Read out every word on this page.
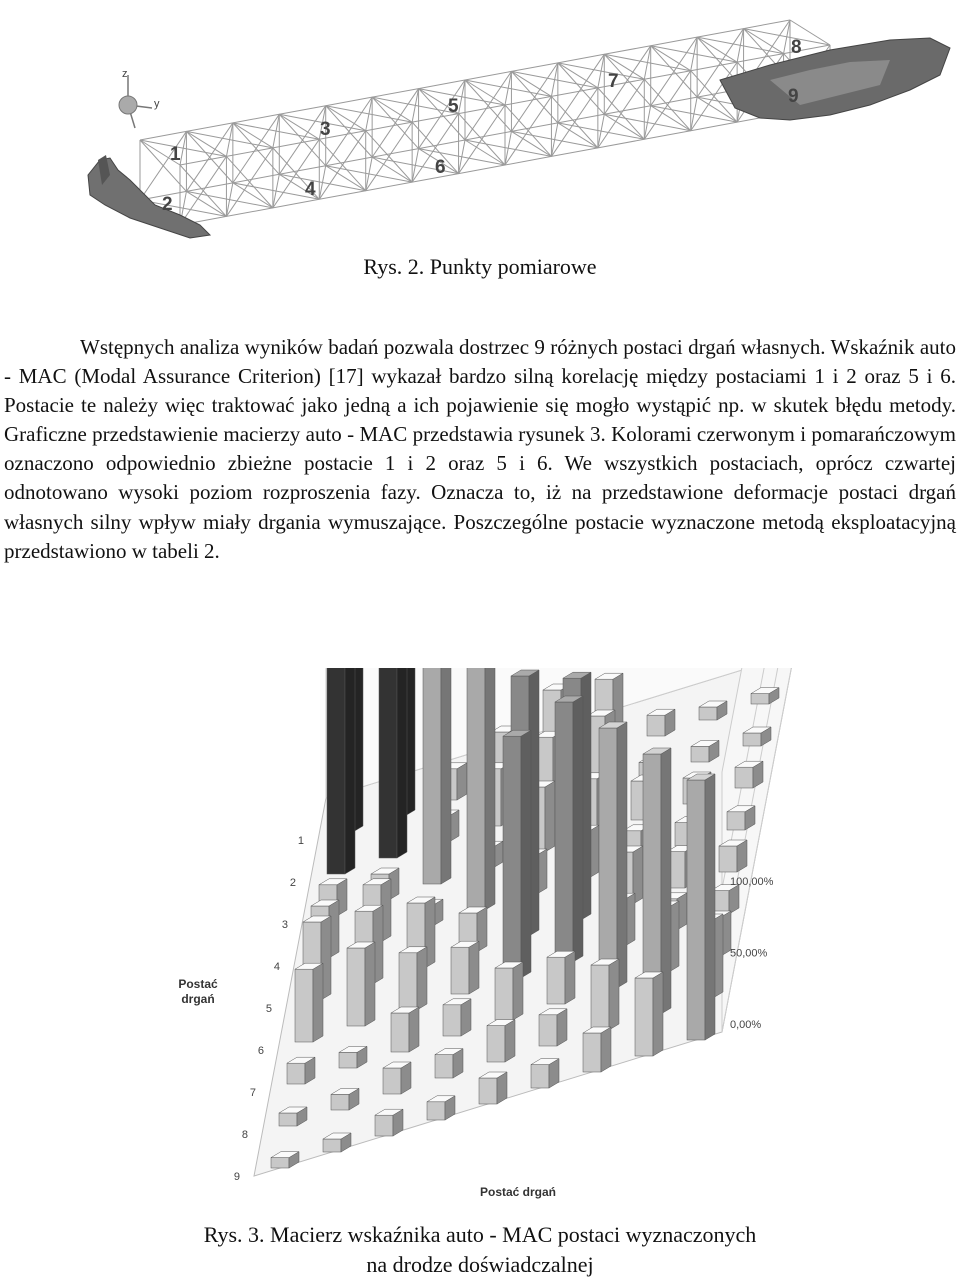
z
y
1
2
3
4
5
6
7
8
9
Rys. 2. Punkty pomiarowe

Wstępnych analiza wyników badań pozwala dostrzec 9 różnych postaci drgań własnych. Wskaźnik auto - MAC (Modal Assurance Criterion) [17] wykazał bardzo silną korelację między postaciami 1 i 2 oraz 5 i 6. Postacie te należy więc traktować jako jedną a ich pojawienie się mogło wystąpić np. w skutek błędu metody. Graficzne przedstawienie macierzy auto - MAC przedstawia rysunek 3. Kolorami czerwonym i pomarańczowym oznaczono odpowiednio zbieżne postacie 1 i 2 oraz 5 i 6. We wszystkich postaciach, oprócz czwartej odnotowano wysoki poziom rozproszenia fazy. Oznacza to, iż na przedstawione deformacje postaci drgań własnych silny wpływ miały drgania wymuszające. Poszczególne postacie wyznaczone metodą eksploatacyjną przedstawiono w tabeli 2.

1
2
3
4
5
6
7
8
9
0,00%
50,00%
100,00%
Postać
drgań
Postać drgań
Rys. 3. Macierz wskaźnika auto - MAC postaci wyznaczonych
na drodze doświadczalnej
